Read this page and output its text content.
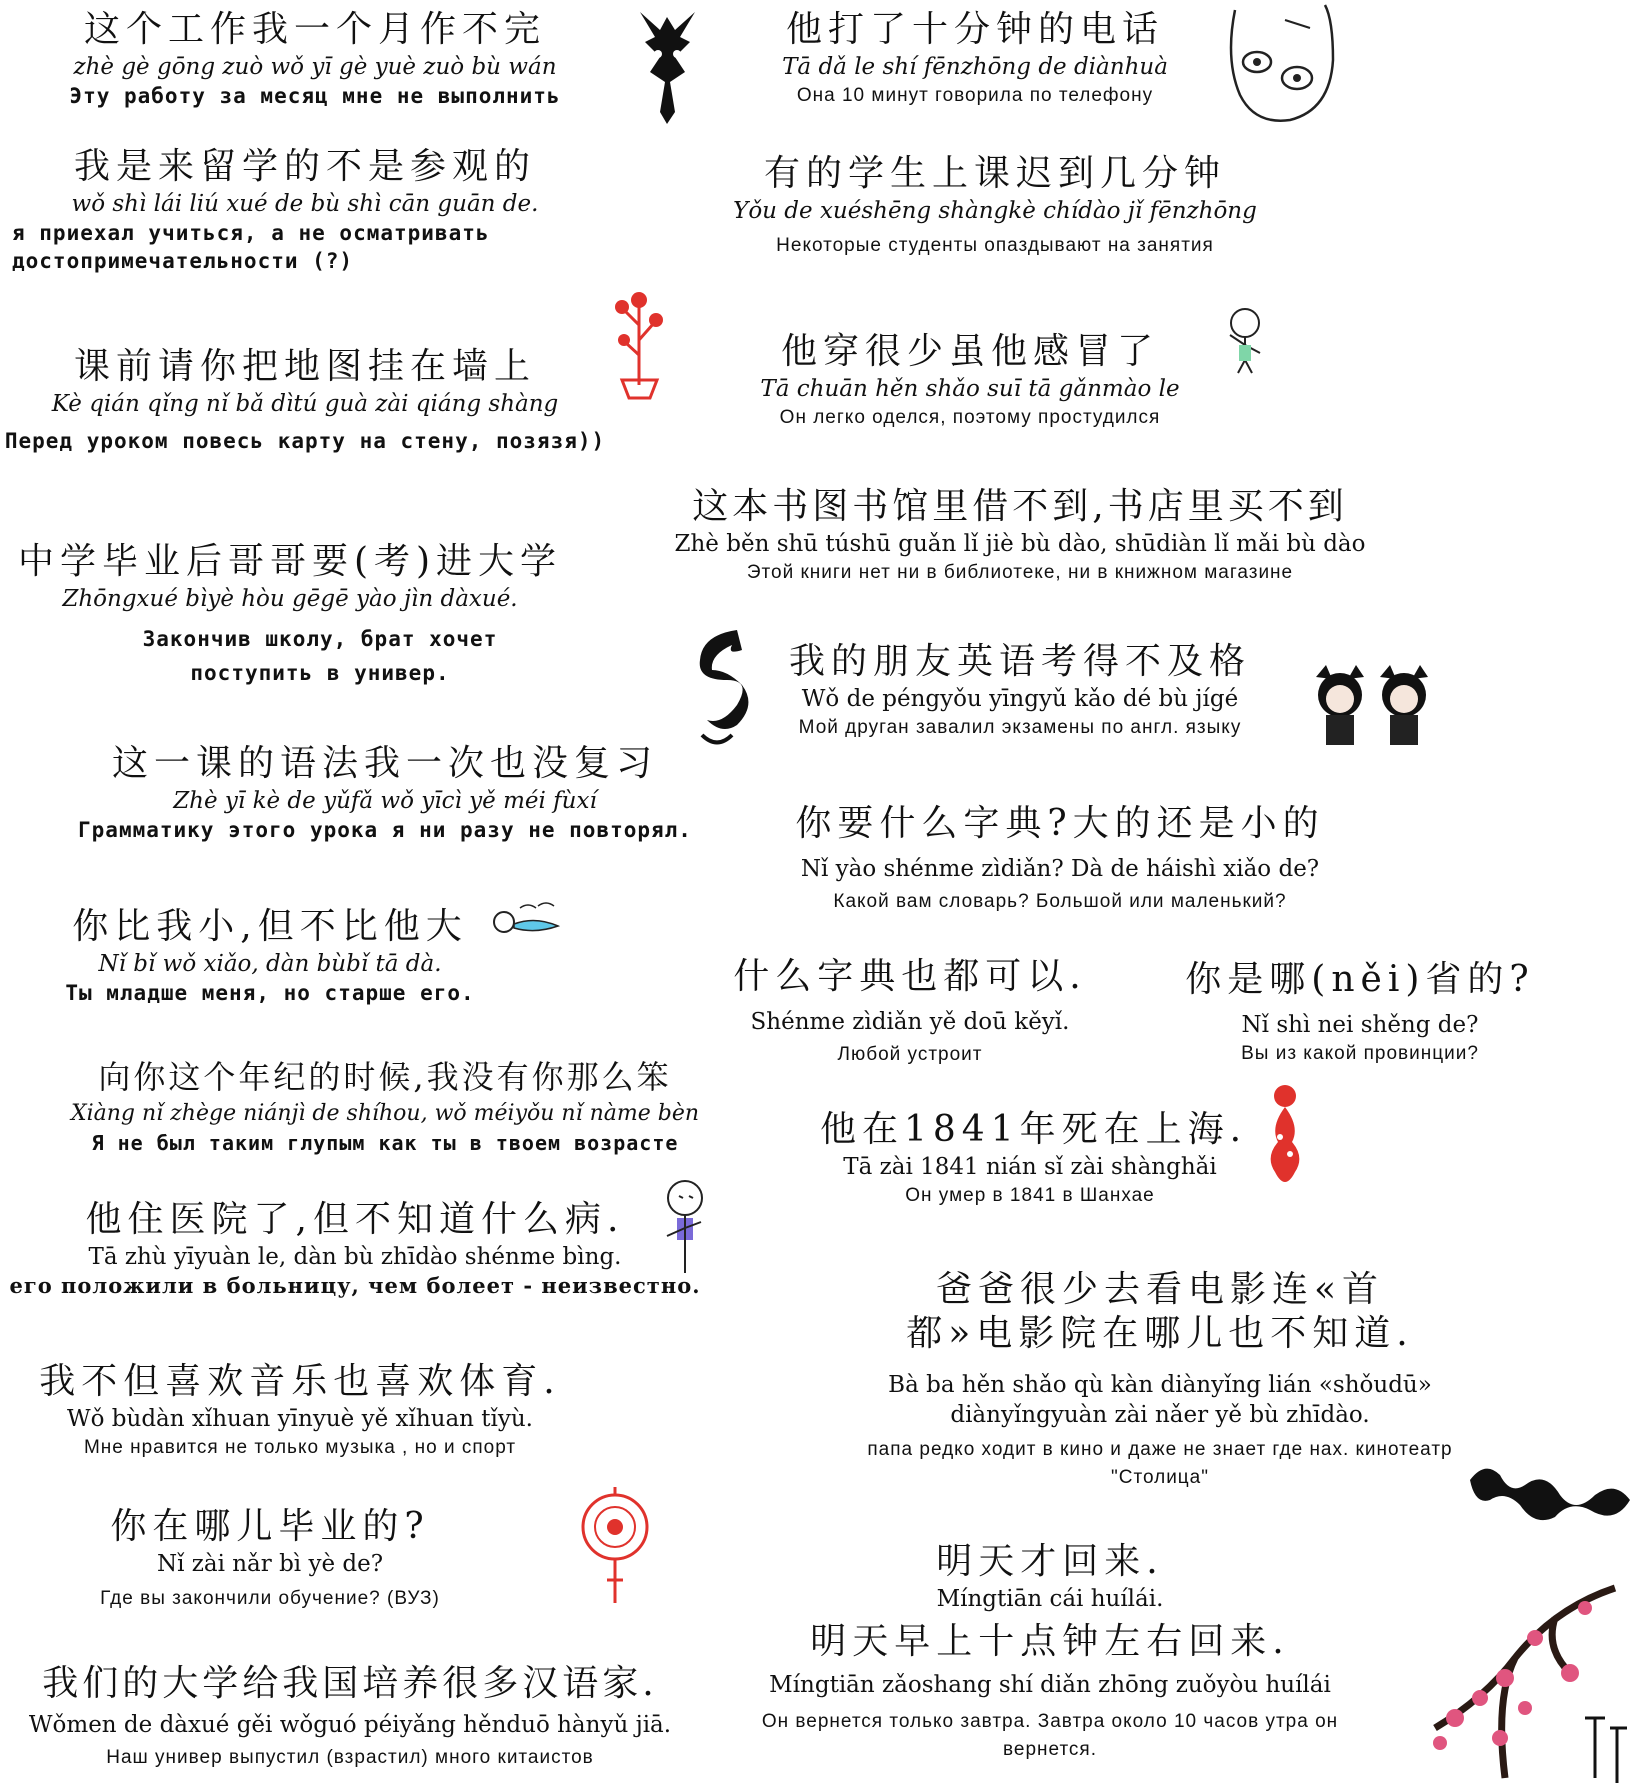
这个工作我一个月作不完
zhè gè gōng zuò wǒ yī gè yuè zuò bù wán
Эту работу за месяц мне не выполнить
我是来留学的不是参观的
wǒ shì lái liú xué de bù shì cān guān de.
я приехал учиться, а не осматривать достопримечательности (?)
课前请你把地图挂在墙上
Kè qián qǐng nǐ bǎ dìtú guà zài qiáng shàng
Перед уроком повесь карту на стену, позязя))
中学毕业后哥哥要(考)进大学
Zhōngxué bìyè hòu gēgē yào jìn dàxué.
Закончив школу, брат хочет поступить в универ.
这一课的语法我一次也没复习
Zhè yī kè de yǔfǎ wǒ yīcì yě méi fùxí
Грамматику этого урока я ни разу не повторял.
你比我小,但不比他大
Nǐ bǐ wǒ xiǎo, dàn bùbǐ tā dà.
Ты младше меня, но старше его.
向你这个年纪的时候,我没有你那么笨
Xiàng nǐ zhège niánjì de shíhou, wǒ méiyǒu nǐ nàme bèn
Я не был таким глупым как ты в твоем возрасте
他住医院了,但不知道什么病.
Tā zhù yīyuàn le, dàn bù zhīdào shénme bìng.
его положили в больницу, чем болеет - неизвестно.
我不但喜欢音乐也喜欢体育.
Wǒ bùdàn xǐhuan yīnyuè yě xǐhuan tǐyù.
Мне нравится не только музыка , но и спорт
你在哪儿毕业的?
Nǐ zài nǎr bì yè de?
Где вы закончили обучение? (ВУЗ)
我们的大学给我国培养很多汉语家.
Wǒmen de dàxué gěi wǒguó péiyǎng hěnduō hànyǔ jiā.
Наш универ выпустил (взрастил) много китаистов
他打了十分钟的电话
Tā dǎ le shí fēnzhōng de diànhuà
Она 10 минут говорила по телефону
有的学生上课迟到几分钟
Yǒu de xuéshēng shàngkè chídào jǐ fēnzhōng
Некоторые студенты опаздывают на занятия
他穿很少虽他感冒了
Tā chuān hěn shǎo suī tā gǎnmào le
Он легко оделся, поэтому простудился
这本书图书馆里借不到,书店里买不到
Zhè běn shū túshū guǎn lǐ jiè bù dào, shūdiàn lǐ mǎi bù dào
Этой книги нет ни в библиотеке, ни в книжном магазине
我的朋友英语考得不及格
Wǒ de péngyǒu yīngyǔ kǎo dé bù jígé
Мой друган завалил экзамены по англ. языку
你要什么字典?大的还是小的
Nǐ yào shénme zìdiǎn? Dà de háishì xiǎo de?
Какой вам словарь? Большой или маленький?
什么字典也都可以.
Shénme zìdiǎn yě doū kěyǐ.
Любой устроит
你是哪(něi)省的?
Nǐ shì nei shěng de?
Вы из какой провинции?
他在1841年死在上海.
Tā zài 1841 nián sǐ zài shànghǎi
Он умер в 1841 в Шанхае
爸爸很少去看电影连«首都»电影院在哪儿也不知道.
Bà ba hěn shǎo qù kàn diànyǐng lián «shǒudū» diànyǐngyuàn zài nǎer yě bù zhīdào.
папа редко ходит в кино и даже не знает где нах. кинотеатр "Столица"
明天才回来.
Míngtiān cái huílái.
明天早上十点钟左右回来.
Míngtiān zǎoshang shí diǎn zhōng zuǒyòu huílái
Он вернется только завтра. Завтра около 10 часов утра он вернется.
